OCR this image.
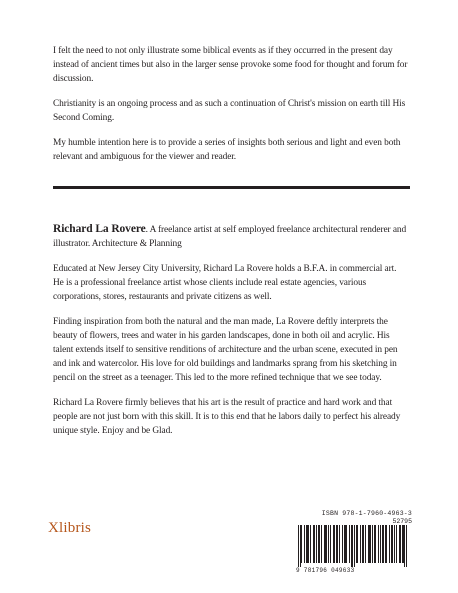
I felt the need to not only illustrate some biblical events as if they occurred in the present day instead of ancient times but also in the larger sense provoke some food for thought and forum for discussion.

Christianity is an ongoing process and as such a continuation of Christ's mission on earth till His Second Coming.

My humble intention here is to provide a series of insights both serious and light and even both relevant and ambiguous for the viewer and reader.

Richard La Rovere. A freelance artist at self employed freelance architectural renderer and illustrator. Architecture & Planning

Educated at New Jersey City University, Richard La Rovere holds a B.F.A. in commercial art. He is a professional freelance artist whose clients include real estate agencies, various corporations, stores, restaurants and private citizens as well.

Finding inspiration from both the natural and the man made, La Rovere deftly interprets the beauty of flowers, trees and water in his garden landscapes, done in both oil and acrylic. His talent extends itself to sensitive renditions of architecture and the urban scene, executed in pen and ink and watercolor. His love for old buildings and landmarks sprang from his sketching in pencil on the street as a teenager. This led to the more refined technique that we see today.

Richard La Rovere firmly believes that his art is the result of practice and hard work and that people are not just born with this skill. It is to this end that he labors daily to perfect his already unique style. Enjoy and be Glad.

Xlibris
ISBN 978-1-7960-4963-3
52795
9 781796 049633
